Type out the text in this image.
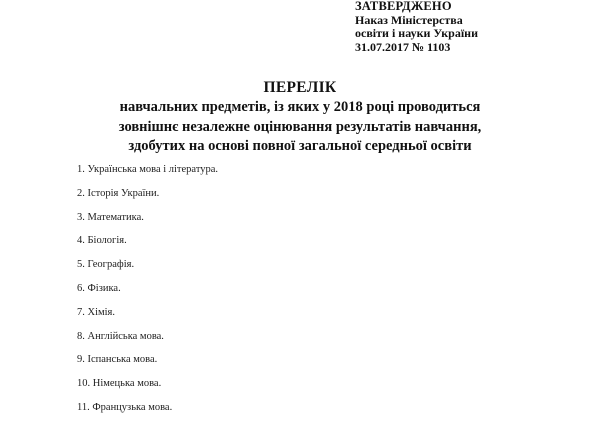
ЗАТВЕРДЖЕНО
Наказ Міністерства
освіти і науки України
31.07.2017 № 1103
ПЕРЕЛІК
навчальних предметів, із яких у 2018 році проводиться
зовнішнє незалежне оцінювання результатів навчання,
здобутих на основі повної загальної середньої освіти
1. Українська мова і література.
2. Історія України.
3. Математика.
4. Біологія.
5. Географія.
6. Фізика.
7. Хімія.
8. Англійська мова.
9. Іспанська мова.
10. Німецька мова.
11. Французька мова.
